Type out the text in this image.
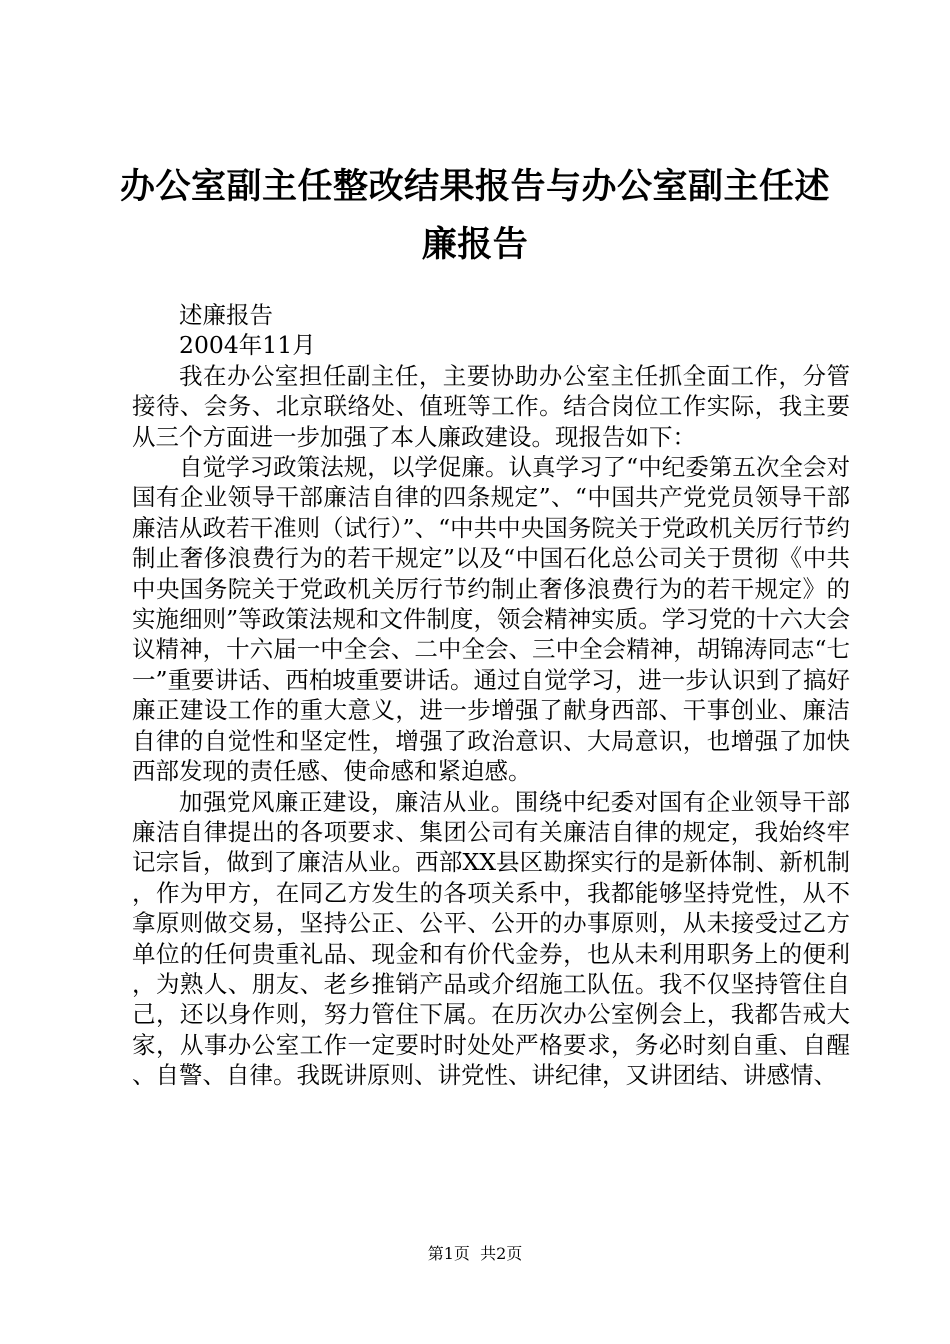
办公室副主任整改结果报告与办公室副主任述廉报告

述廉报告

2004年11月

我在办公室担任副主任，主要协助办公室主任抓全面工作，分管接待、会务、北京联络处、值班等工作。结合岗位工作实际，我主要从三个方面进一步加强了本人廉政建设。现报告如下：

自觉学习政策法规，以学促廉。认真学习了“中纪委第五次全会对国有企业领导干部廉洁自律的四条规定”、“中国共产党党员领导干部廉洁从政若干准则（试行）”、“中共中央国务院关于党政机关厉行节约制止奢侈浪费行为的若干规定”以及“中国石化总公司关于贯彻《中共中央国务院关于党政机关厉行节约制止奢侈浪费行为的若干规定》的实施细则”等政策法规和文件制度，领会精神实质。学习党的十六大会议精神，十六届一中全会、二中全会、三中全会精神，胡锦涛同志“七一”重要讲话、西柏坡重要讲话。通过自觉学习，进一步认识到了搞好廉正建设工作的重大意义，进一步增强了献身西部、干事创业、廉洁自律的自觉性和坚定性，增强了政治意识、大局意识，也增强了加快西部发现的责任感、使命感和紧迫感。

加强党风廉正建设，廉洁从业。围绕中纪委对国有企业领导干部廉洁自律提出的各项要求、集团公司有关廉洁自律的规定，我始终牢记宗旨，做到了廉洁从业。西部XX县区勘探实行的是新体制、新机制，作为甲方，在同乙方发生的各项关系中，我都能够坚持党性，从不拿原则做交易，坚持公正、公平、公开的办事原则，从未接受过乙方单位的任何贵重礼品、现金和有价代金券，也从未利用职务上的便利，为熟人、朋友、老乡推销产品或介绍施工队伍。我不仅坚持管住自己，还以身作则，努力管住下属。在历次办公室例会上，我都告戒大家，从事办公室工作一定要时时处处严格要求，务必时刻自重、自醒、自警、自律。我既讲原则、讲党性、讲纪律，又讲团结、讲感情、

第1页 共2页
